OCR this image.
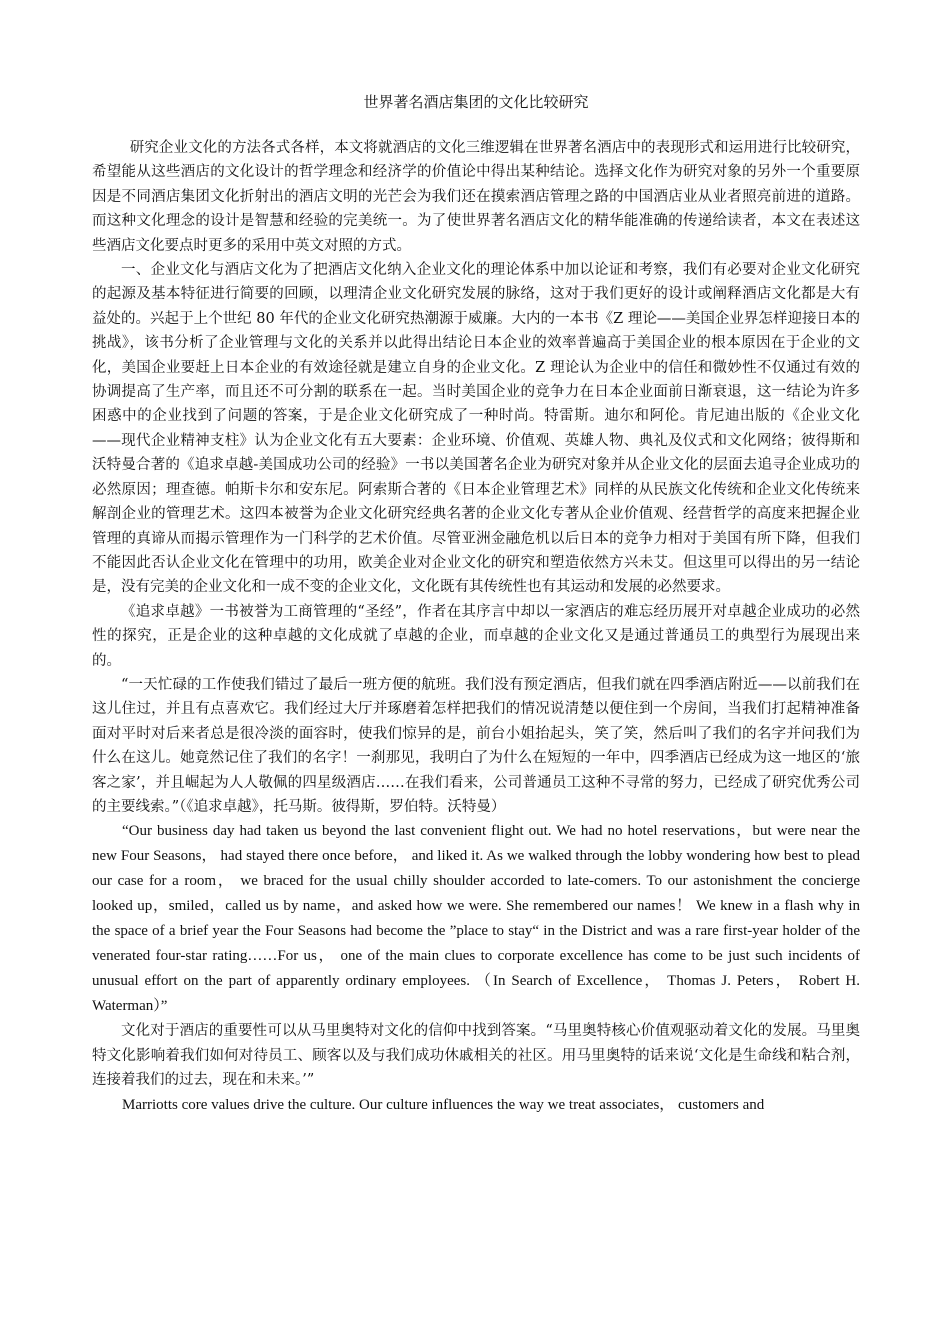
世界著名酒店集团的文化比较研究

研究企业文化的方法各式各样，本文将就酒店的文化三维逻辑在世界著名酒店中的表现形式和运用进行比较研究，希望能从这些酒店的文化设计的哲学理念和经济学的价值论中得出某种结论。选择文化作为研究对象的另外一个重要原因是不同酒店集团文化折射出的酒店文明的光芒会为我们还在摸索酒店管理之路的中国酒店业从业者照亮前进的道路。而这种文化理念的设计是智慧和经验的完美统一。为了使世界著名酒店文化的精华能准确的传递给读者，本文在表述这些酒店文化要点时更多的采用中英文对照的方式。

一、企业文化与酒店文化为了把酒店文化纳入企业文化的理论体系中加以论证和考察，我们有必要对企业文化研究的起源及基本特征进行简要的回顾，以理清企业文化研究发展的脉络，这对于我们更好的设计或阐释酒店文化都是大有益处的。兴起于上个世纪 80 年代的企业文化研究热潮源于威廉。大内的一本书《Z 理论——美国企业界怎样迎接日本的挑战》，该书分析了企业管理与文化的关系并以此得出结论日本企业的效率普遍高于美国企业的根本原因在于企业的文化，美国企业要赶上日本企业的有效途径就是建立自身的企业文化。Z 理论认为企业中的信任和微妙性不仅通过有效的协调提高了生产率，而且还不可分割的联系在一起。当时美国企业的竞争力在日本企业面前日渐衰退，这一结论为许多困惑中的企业找到了问题的答案，于是企业文化研究成了一种时尚。特雷斯。迪尔和阿伦。肯尼迪出版的《企业文化——现代企业精神支柱》认为企业文化有五大要素：企业环境、价值观、英雄人物、典礼及仪式和文化网络；彼得斯和沃特曼合著的《追求卓越-美国成功公司的经验》一书以美国著名企业为研究对象并从企业文化的层面去追寻企业成功的必然原因；理查德。帕斯卡尔和安东尼。阿索斯合著的《日本企业管理艺术》同样的从民族文化传统和企业文化传统来解剖企业的管理艺术。这四本被誉为企业文化研究经典名著的企业文化专著从企业价值观、经营哲学的高度来把握企业管理的真谛从而揭示管理作为一门科学的艺术价值。尽管亚洲金融危机以后日本的竞争力相对于美国有所下降，但我们不能因此否认企业文化在管理中的功用，欧美企业对企业文化的研究和塑造依然方兴未艾。但这里可以得出的另一结论是，没有完美的企业文化和一成不变的企业文化，文化既有其传统性也有其运动和发展的必然要求。

《追求卓越》一书被誉为工商管理的“圣经”，作者在其序言中却以一家酒店的难忘经历展开对卓越企业成功的必然性的探究，正是企业的这种卓越的文化成就了卓越的企业，而卓越的企业文化又是通过普通员工的典型行为展现出来的。

“一天忙碌的工作使我们错过了最后一班方便的航班。我们没有预定酒店，但我们就在四季酒店附近——以前我们在这儿住过，并且有点喜欢它。我们经过大厅并琢磨着怎样把我们的情况说清楚以便住到一个房间，当我们打起精神准备面对平时对后来者总是很冷淡的面容时，使我们惊异的是，前台小姐抬起头，笑了笑，然后叫了我们的名字并问我们为什么在这儿。她竟然记住了我们的名字！一刹那见，我明白了为什么在短短的一年中，四季酒店已经成为这一地区的‘旅客之家’，并且崛起为人人敬佩的四星级酒店……在我们看来，公司普通员工这种不寻常的努力，已经成了研究优秀公司的主要线索。”（《追求卓越》，托马斯。彼得斯，罗伯特。沃特曼）

“Our business day had taken us beyond the last convenient flight out. We had no hotel reservations，but were near the new Four Seasons， had stayed there once before， and liked it. As we walked through the lobby wondering how best to plead our case for a room， we braced for the usual chilly shoulder accorded to late-comers. To our astonishment the concierge looked up，smiled，called us by name，and asked how we were. She remembered our names！ We knew in a flash why in the space of a brief year the Four Seasons had become the ”place to stay“ in the District and was a rare first-year holder of the venerated four-star rating……For us， one of the main clues to corporate excellence has come to be just such incidents of unusual effort on the part of apparently ordinary employees. （In Search of Excellence， Thomas J. Peters， Robert H. Waterman）”

文化对于酒店的重要性可以从马里奥特对文化的信仰中找到答案。“马里奥特核心价值观驱动着文化的发展。马里奥特文化影响着我们如何对待员工、顾客以及与我们成功休戚相关的社区。用马里奥特的话来说‘文化是生命线和粘合剂，连接着我们的过去，现在和未来。’”

Marriotts core values drive the culture. Our culture influences the way we treat associates， customers and
